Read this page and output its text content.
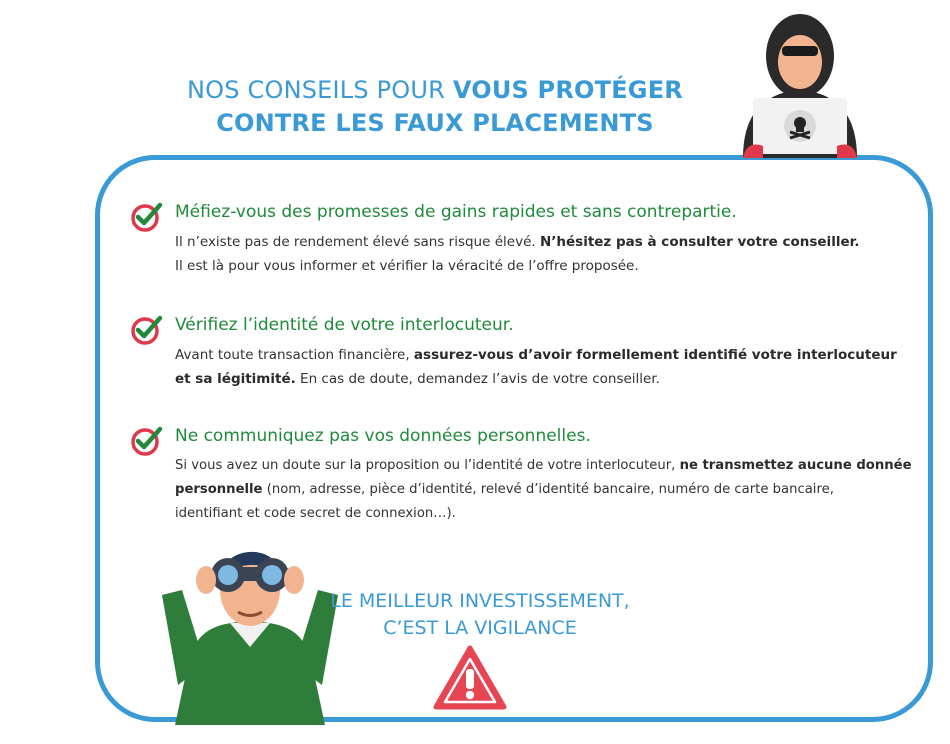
NOS CONSEILS POUR VOUS PROTÉGER
CONTRE LES FAUX PLACEMENTS
Méfiez-vous des promesses de gains rapides et sans contrepartie.
Il n’existe pas de rendement élevé sans risque élevé. N’hésitez pas à consulter votre conseiller.
Il est là pour vous informer et vérifier la véracité de l’offre proposée.
Vérifiez l’identité de votre interlocuteur.
Avant toute transaction financière, assurez-vous d’avoir formellement identifié votre interlocuteur
et sa légitimité. En cas de doute, demandez l’avis de votre conseiller.
Ne communiquez pas vos données personnelles.
Si vous avez un doute sur la proposition ou l’identité de votre interlocuteur, ne transmettez aucune donnée
personnelle (nom, adresse, pièce d’identité, relevé d’identité bancaire, numéro de carte bancaire,
identifiant et code secret de connexion…).
LE MEILLEUR INVESTISSEMENT,
C’EST LA VIGILANCE
